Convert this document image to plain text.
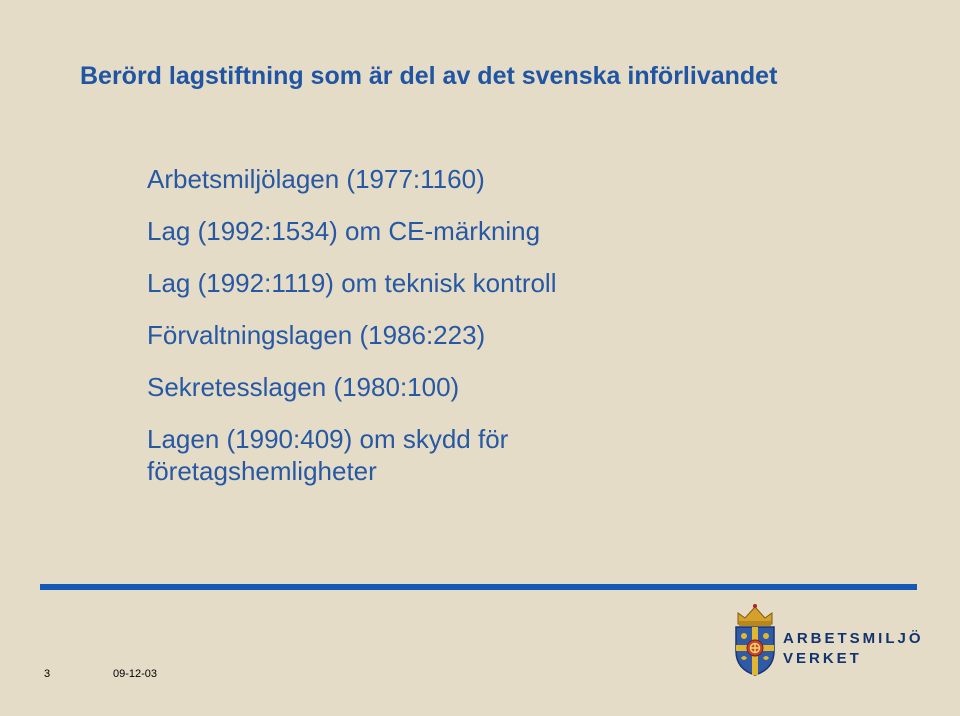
Berörd lagstiftning som är del av det svenska införlivandet
Arbetsmiljölagen (1977:1160)
Lag (1992:1534) om CE-märkning
Lag (1992:1119) om teknisk kontroll
Förvaltningslagen (1986:223)
Sekretesslagen (1980:100)
Lagen (1990:409) om skydd för företagshemligheter
3	09-12-03
ARBETSMILJÖ
VERKET
